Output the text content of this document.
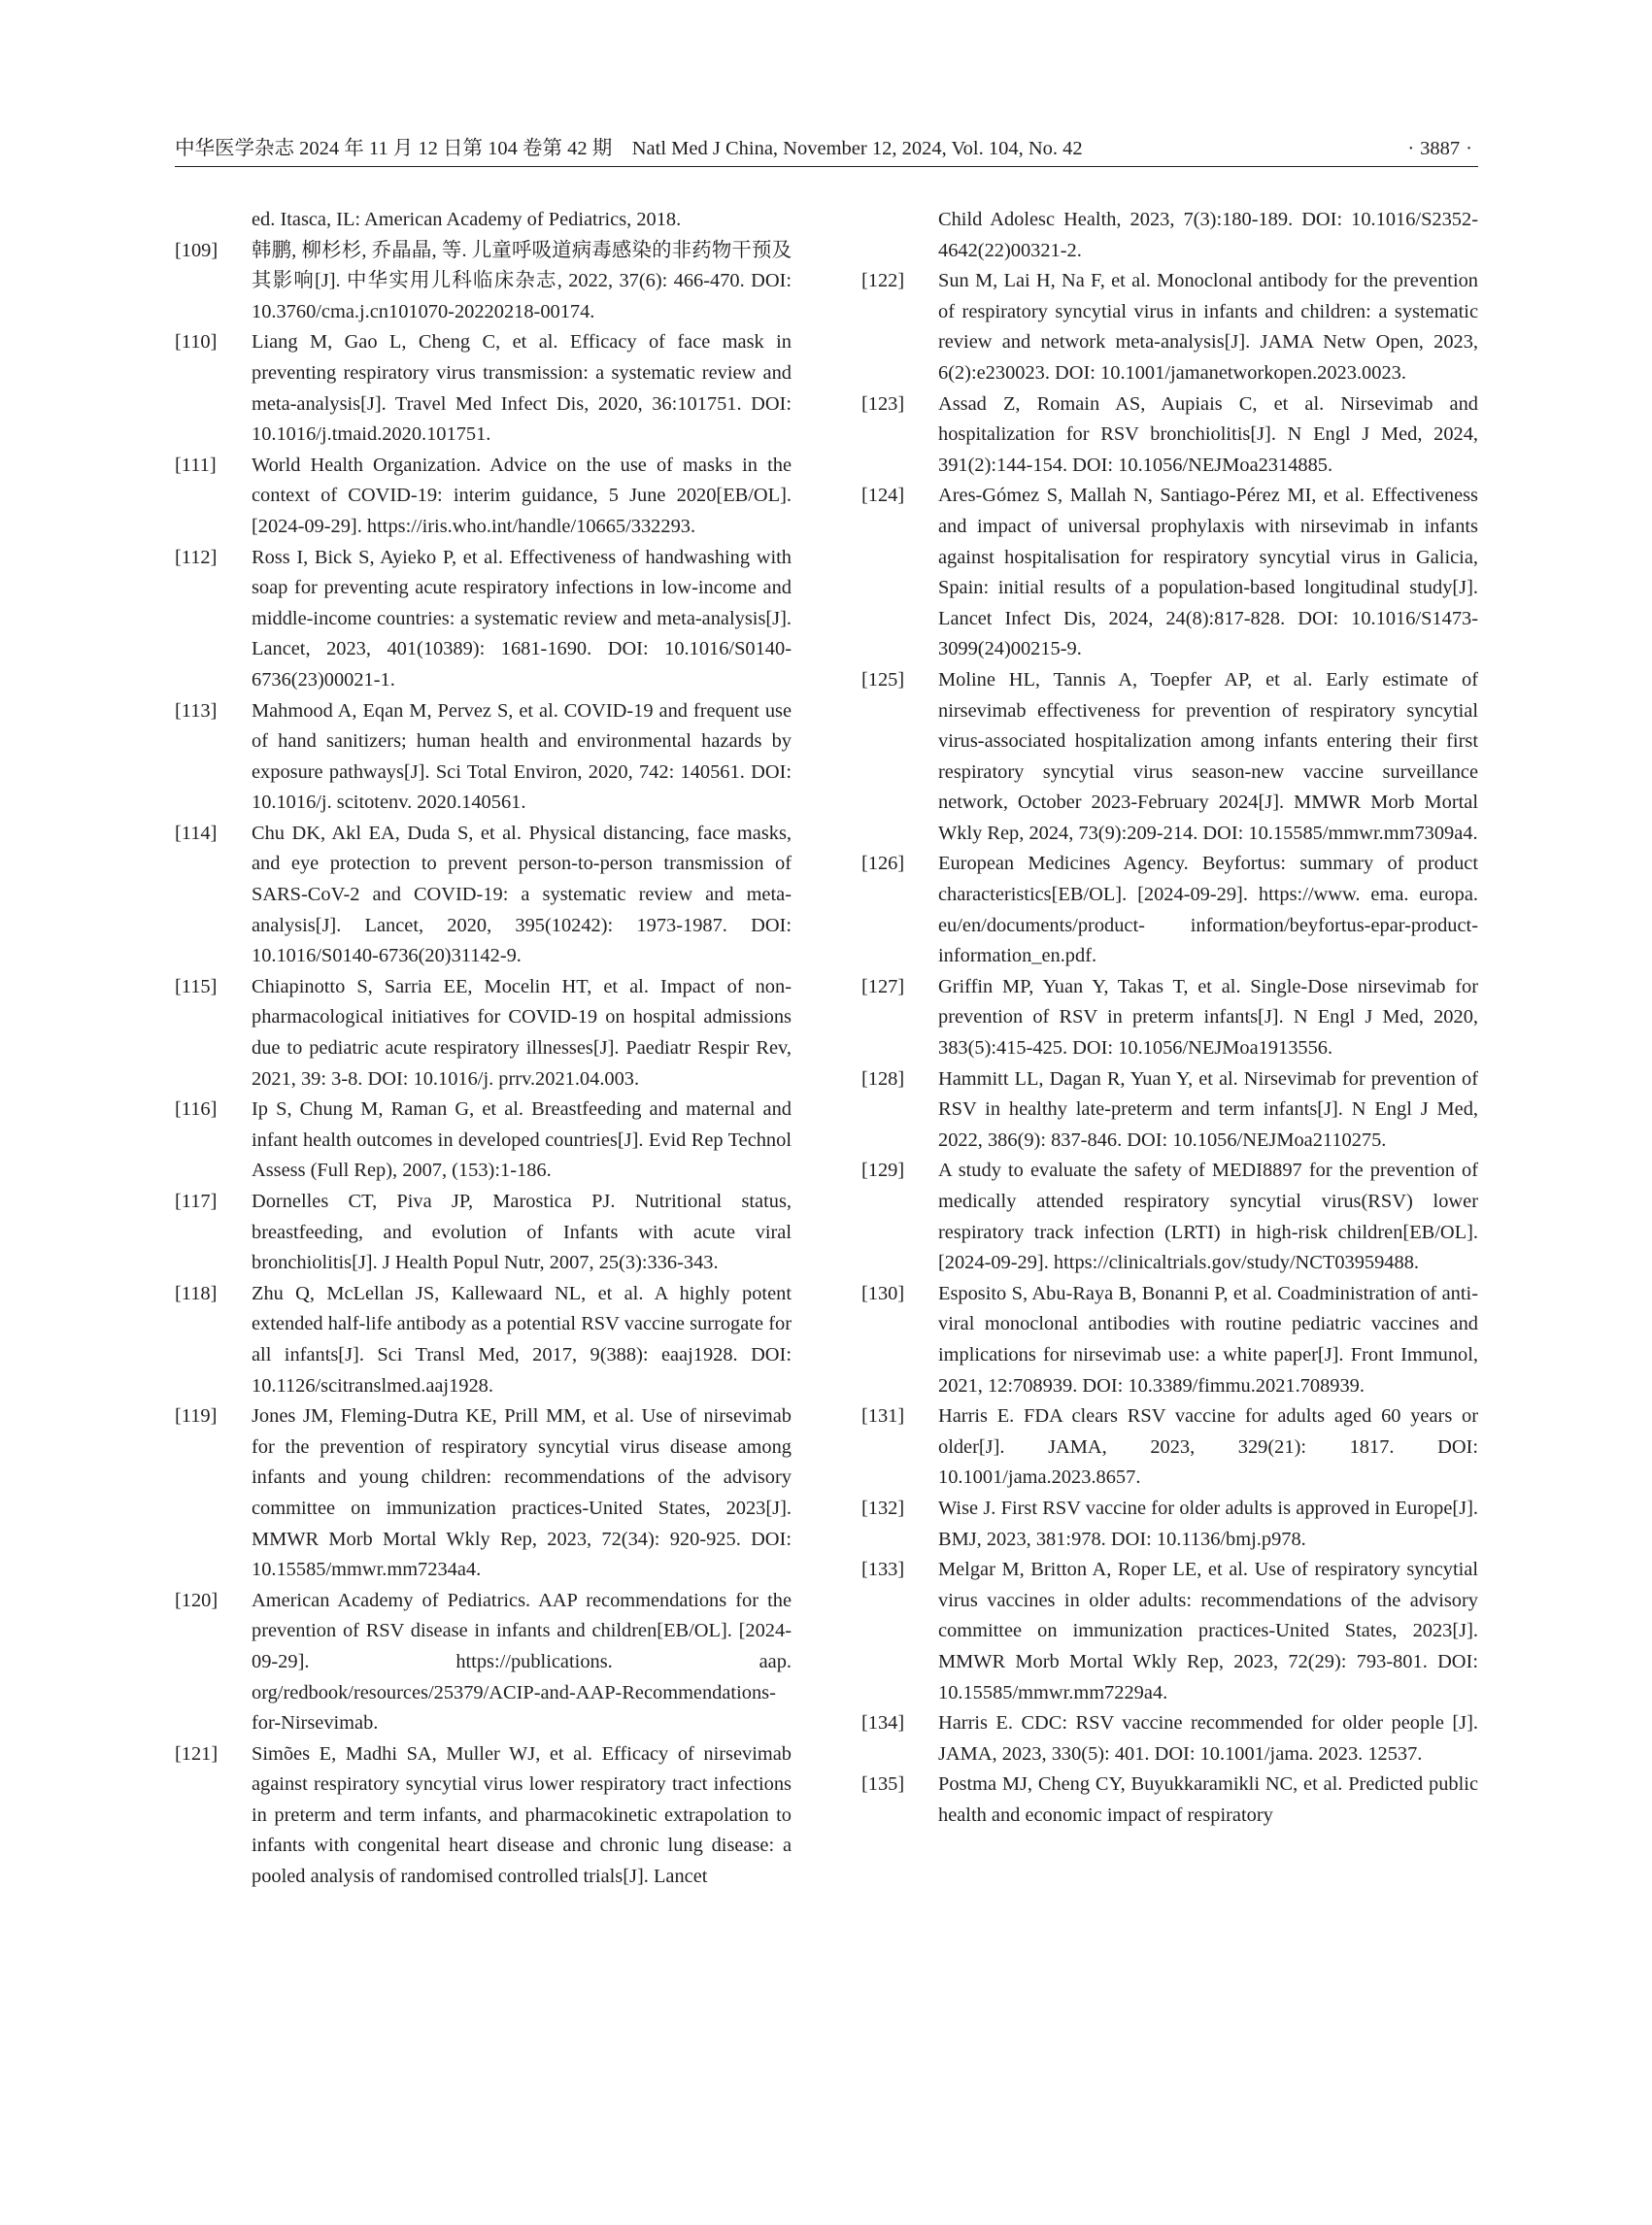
中华医学杂志 2024 年 11 月 12 日第 104 卷第 42 期　Natl Med J China, November 12, 2024, Vol. 104, No. 42	· 3887 ·
ed. Itasca, IL: American Academy of Pediatrics, 2018.
[109]	韩鹏, 柳杉杉, 乔晶晶, 等. 儿童呼吸道病毒感染的非药物干预及其影响[J]. 中华实用儿科临床杂志, 2022, 37(6): 466-470. DOI: 10.3760/cma.j.cn101070-20220218-00174.
[110]	Liang M, Gao L, Cheng C, et al. Efficacy of face mask in preventing respiratory virus transmission: a systematic review and meta-analysis[J]. Travel Med Infect Dis, 2020, 36:101751. DOI: 10.1016/j.tmaid.2020.101751.
[111]	World Health Organization. Advice on the use of masks in the context of COVID-19: interim guidance, 5 June 2020[EB/OL]. [2024-09-29]. https://iris.who.int/handle/10665/332293.
[112]	Ross I, Bick S, Ayieko P, et al. Effectiveness of handwashing with soap for preventing acute respiratory infections in low-income and middle-income countries: a systematic review and meta-analysis[J]. Lancet, 2023, 401(10389): 1681-1690. DOI: 10.1016/S0140-6736(23)00021-1.
[113]	Mahmood A, Eqan M, Pervez S, et al. COVID-19 and frequent use of hand sanitizers; human health and environmental hazards by exposure pathways[J]. Sci Total Environ, 2020, 742: 140561. DOI: 10.1016/j. scitotenv. 2020.140561.
[114]	Chu DK, Akl EA, Duda S, et al. Physical distancing, face masks, and eye protection to prevent person-to-person transmission of SARS-CoV-2 and COVID-19: a systematic review and meta-analysis[J]. Lancet, 2020, 395(10242): 1973-1987. DOI: 10.1016/S0140-6736(20)31142-9.
[115]	Chiapinotto S, Sarria EE, Mocelin HT, et al. Impact of non-pharmacological initiatives for COVID-19 on hospital admissions due to pediatric acute respiratory illnesses[J]. Paediatr Respir Rev, 2021, 39: 3-8. DOI: 10.1016/j. prrv.2021.04.003.
[116]	Ip S, Chung M, Raman G, et al. Breastfeeding and maternal and infant health outcomes in developed countries[J]. Evid Rep Technol Assess (Full Rep), 2007, (153):1-186.
[117]	Dornelles CT, Piva JP, Marostica PJ. Nutritional status, breastfeeding, and evolution of Infants with acute viral bronchiolitis[J]. J Health Popul Nutr, 2007, 25(3):336-343.
[118]	Zhu Q, McLellan JS, Kallewaard NL, et al. A highly potent extended half-life antibody as a potential RSV vaccine surrogate for all infants[J]. Sci Transl Med, 2017, 9(388): eaaj1928. DOI: 10.1126/scitranslmed.aaj1928.
[119]	Jones JM, Fleming-Dutra KE, Prill MM, et al. Use of nirsevimab for the prevention of respiratory syncytial virus disease among infants and young children: recommendations of the advisory committee on immunization practices-United States, 2023[J]. MMWR Morb Mortal Wkly Rep, 2023, 72(34): 920-925. DOI: 10.15585/mmwr.mm7234a4.
[120]	American Academy of Pediatrics. AAP recommendations for the prevention of RSV disease in infants and children[EB/OL]. [2024-09-29]. https://publications. aap. org/redbook/resources/25379/ACIP-and-AAP-Recommendations-for-Nirsevimab.
[121]	Simões E, Madhi SA, Muller WJ, et al. Efficacy of nirsevimab against respiratory syncytial virus lower respiratory tract infections in preterm and term infants, and pharmacokinetic extrapolation to infants with congenital heart disease and chronic lung disease: a pooled analysis of randomised controlled trials[J]. Lancet
Child Adolesc Health, 2023, 7(3):180-189. DOI: 10.1016/S2352-4642(22)00321-2.
[122]	Sun M, Lai H, Na F, et al. Monoclonal antibody for the prevention of respiratory syncytial virus in infants and children: a systematic review and network meta-analysis[J]. JAMA Netw Open, 2023, 6(2):e230023. DOI: 10.1001/jamanetworkopen.2023.0023.
[123]	Assad Z, Romain AS, Aupiais C, et al. Nirsevimab and hospitalization for RSV bronchiolitis[J]. N Engl J Med, 2024, 391(2):144-154. DOI: 10.1056/NEJMoa2314885.
[124]	Ares-Gómez S, Mallah N, Santiago-Pérez MI, et al. Effectiveness and impact of universal prophylaxis with nirsevimab in infants against hospitalisation for respiratory syncytial virus in Galicia, Spain: initial results of a population-based longitudinal study[J]. Lancet Infect Dis, 2024, 24(8):817-828. DOI: 10.1016/S1473-3099(24)00215-9.
[125]	Moline HL, Tannis A, Toepfer AP, et al. Early estimate of nirsevimab effectiveness for prevention of respiratory syncytial virus-associated hospitalization among infants entering their first respiratory syncytial virus season-new vaccine surveillance network, October 2023-February 2024[J]. MMWR Morb Mortal Wkly Rep, 2024, 73(9):209-214. DOI: 10.15585/mmwr.mm7309a4.
[126]	European Medicines Agency. Beyfortus: summary of product characteristics[EB/OL]. [2024-09-29]. https://www. ema. europa. eu/en/documents/product- information/beyfortus-epar-product-information_en.pdf.
[127]	Griffin MP, Yuan Y, Takas T, et al. Single-Dose nirsevimab for prevention of RSV in preterm infants[J]. N Engl J Med, 2020, 383(5):415-425. DOI: 10.1056/NEJMoa1913556.
[128]	Hammitt LL, Dagan R, Yuan Y, et al. Nirsevimab for prevention of RSV in healthy late-preterm and term infants[J]. N Engl J Med, 2022, 386(9): 837-846. DOI: 10.1056/NEJMoa2110275.
[129]	A study to evaluate the safety of MEDI8897 for the prevention of medically attended respiratory syncytial virus(RSV) lower respiratory track infection (LRTI) in high-risk children[EB/OL]. [2024-09-29]. https://clinicaltrials.gov/study/NCT03959488.
[130]	Esposito S, Abu-Raya B, Bonanni P, et al. Coadministration of anti-viral monoclonal antibodies with routine pediatric vaccines and implications for nirsevimab use: a white paper[J]. Front Immunol, 2021, 12:708939. DOI: 10.3389/fimmu.2021.708939.
[131]	Harris E. FDA clears RSV vaccine for adults aged 60 years or older[J]. JAMA, 2023, 329(21): 1817. DOI: 10.1001/jama.2023.8657.
[132]	Wise J. First RSV vaccine for older adults is approved in Europe[J]. BMJ, 2023, 381:978. DOI: 10.1136/bmj.p978.
[133]	Melgar M, Britton A, Roper LE, et al. Use of respiratory syncytial virus vaccines in older adults: recommendations of the advisory committee on immunization practices-United States, 2023[J]. MMWR Morb Mortal Wkly Rep, 2023, 72(29): 793-801. DOI: 10.15585/mmwr.mm7229a4.
[134]	Harris E. CDC: RSV vaccine recommended for older people [J]. JAMA, 2023, 330(5): 401. DOI: 10.1001/jama. 2023. 12537.
[135]	Postma MJ, Cheng CY, Buyukkaramikli NC, et al. Predicted public health and economic impact of respiratory
